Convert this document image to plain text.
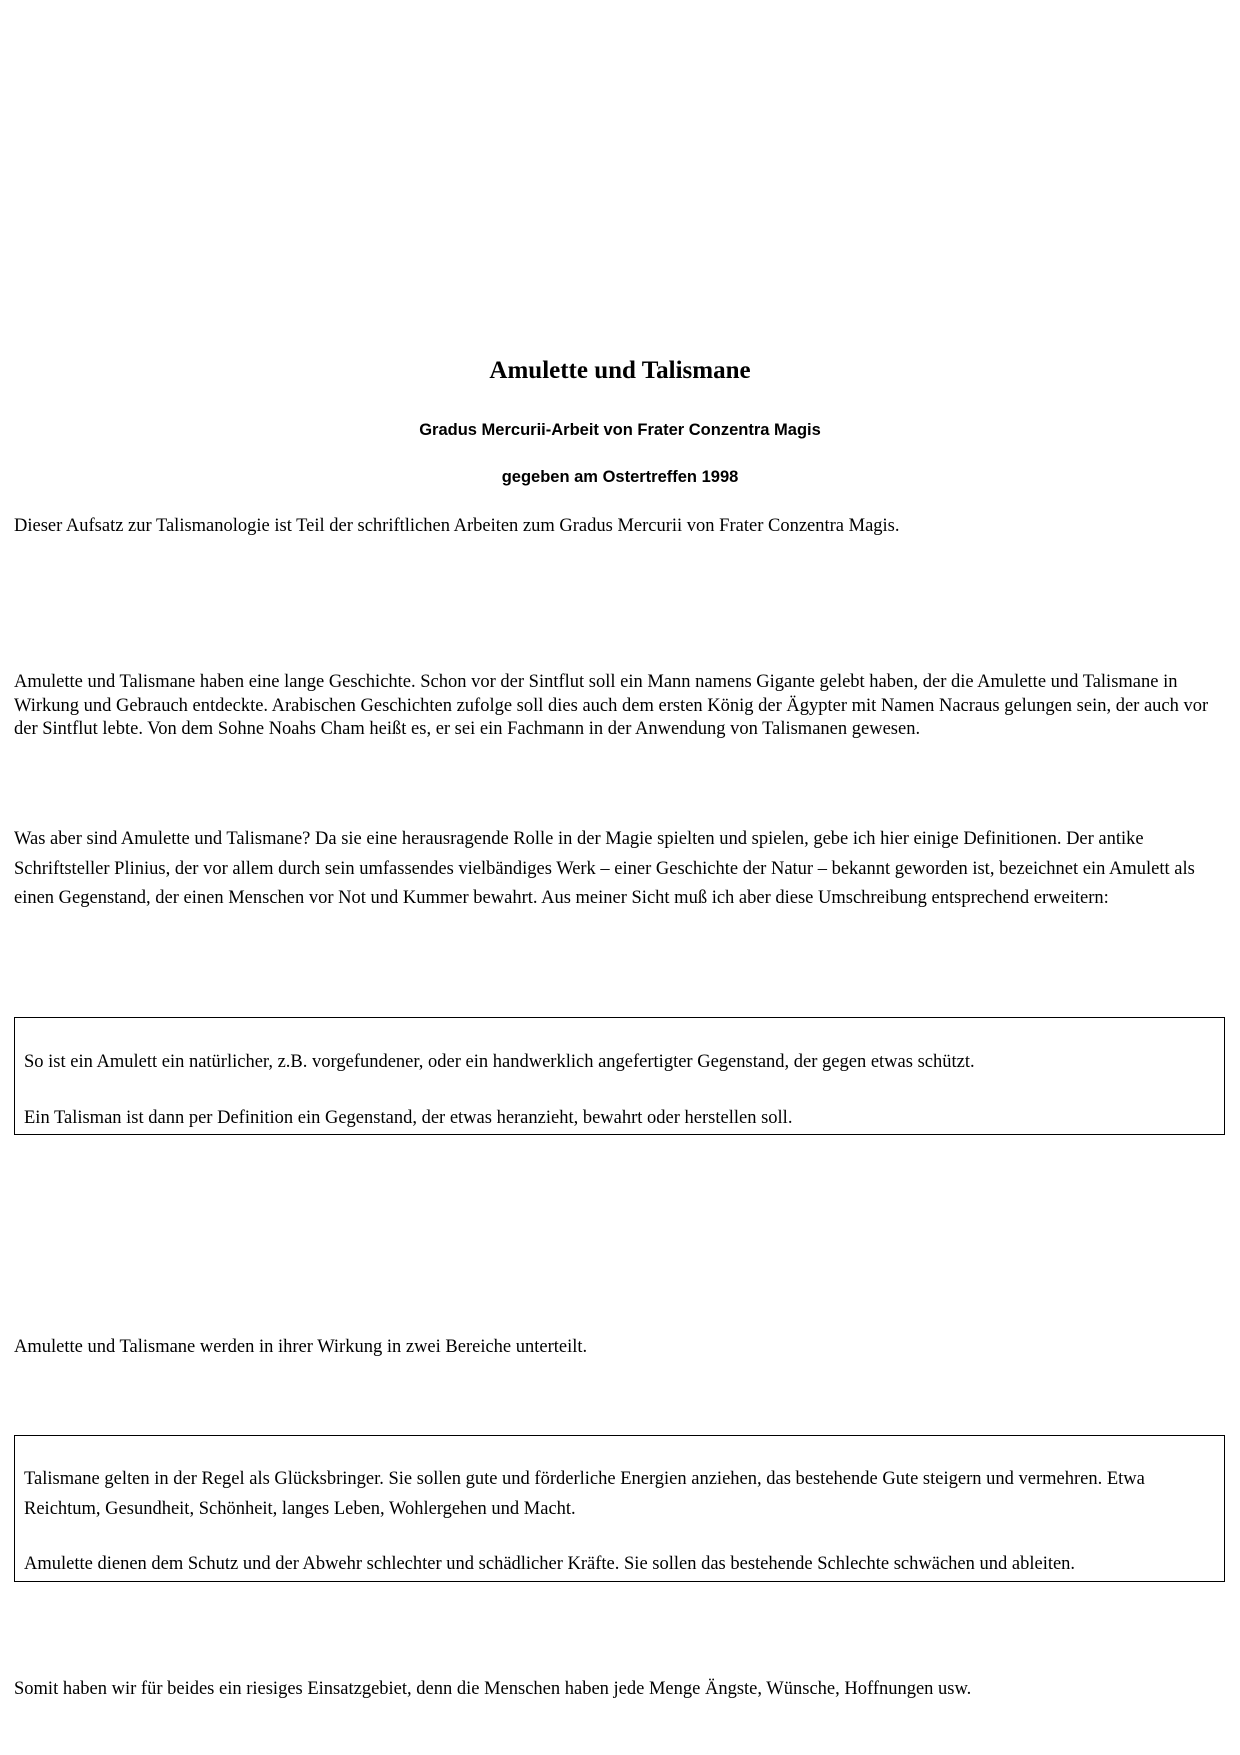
Amulette und Talismane
Gradus Mercurii-Arbeit von Frater Conzentra Magis
gegeben am Ostertreffen 1998

Dieser Aufsatz zur Talismanologie ist Teil der schriftlichen Arbeiten zum Gradus Mercurii von Frater Conzentra Magis.

Amulette und Talismane haben eine lange Geschichte. Schon vor der Sintflut soll ein Mann namens Gigante gelebt haben, der die Amulette und Talismane in Wirkung und Gebrauch entdeckte. Arabischen Geschichten zufolge soll dies auch dem ersten König der Ägypter mit Namen Nacraus gelungen sein, der auch vor der Sintflut lebte. Von dem Sohne Noahs Cham heißt es, er sei ein Fachmann in der Anwendung von Talismanen gewesen.

Was aber sind Amulette und Talismane? Da sie eine herausragende Rolle in der Magie spielten und spielen, gebe ich hier einige Definitionen. Der antike Schriftsteller Plinius, der vor allem durch sein umfassendes vielbändiges Werk – einer Geschichte der Natur – bekannt geworden ist, bezeichnet ein Amulett als einen Gegenstand, der einen Menschen vor Not und Kummer bewahrt. Aus meiner Sicht muß ich aber diese Umschreibung entsprechend erweitern:

So ist ein Amulett ein natürlicher, z.B. vorgefundener, oder ein handwerklich angefertigter Gegenstand, der gegen etwas schützt.

Ein Talisman ist dann per Definition ein Gegenstand, der etwas heranzieht, bewahrt oder herstellen soll.

Amulette und Talismane werden in ihrer Wirkung in zwei Bereiche unterteilt.

Talismane gelten in der Regel als Glücksbringer. Sie sollen gute und förderliche Energien anziehen, das bestehende Gute steigern und vermehren. Etwa Reichtum, Gesundheit, Schönheit, langes Leben, Wohlergehen und Macht.

Amulette dienen dem Schutz und der Abwehr schlechter und schädlicher Kräfte. Sie sollen das bestehende Schlechte schwächen und ableiten.

Somit haben wir für beides ein riesiges Einsatzgebiet, denn die Menschen haben jede Menge Ängste, Wünsche, Hoffnungen usw.
